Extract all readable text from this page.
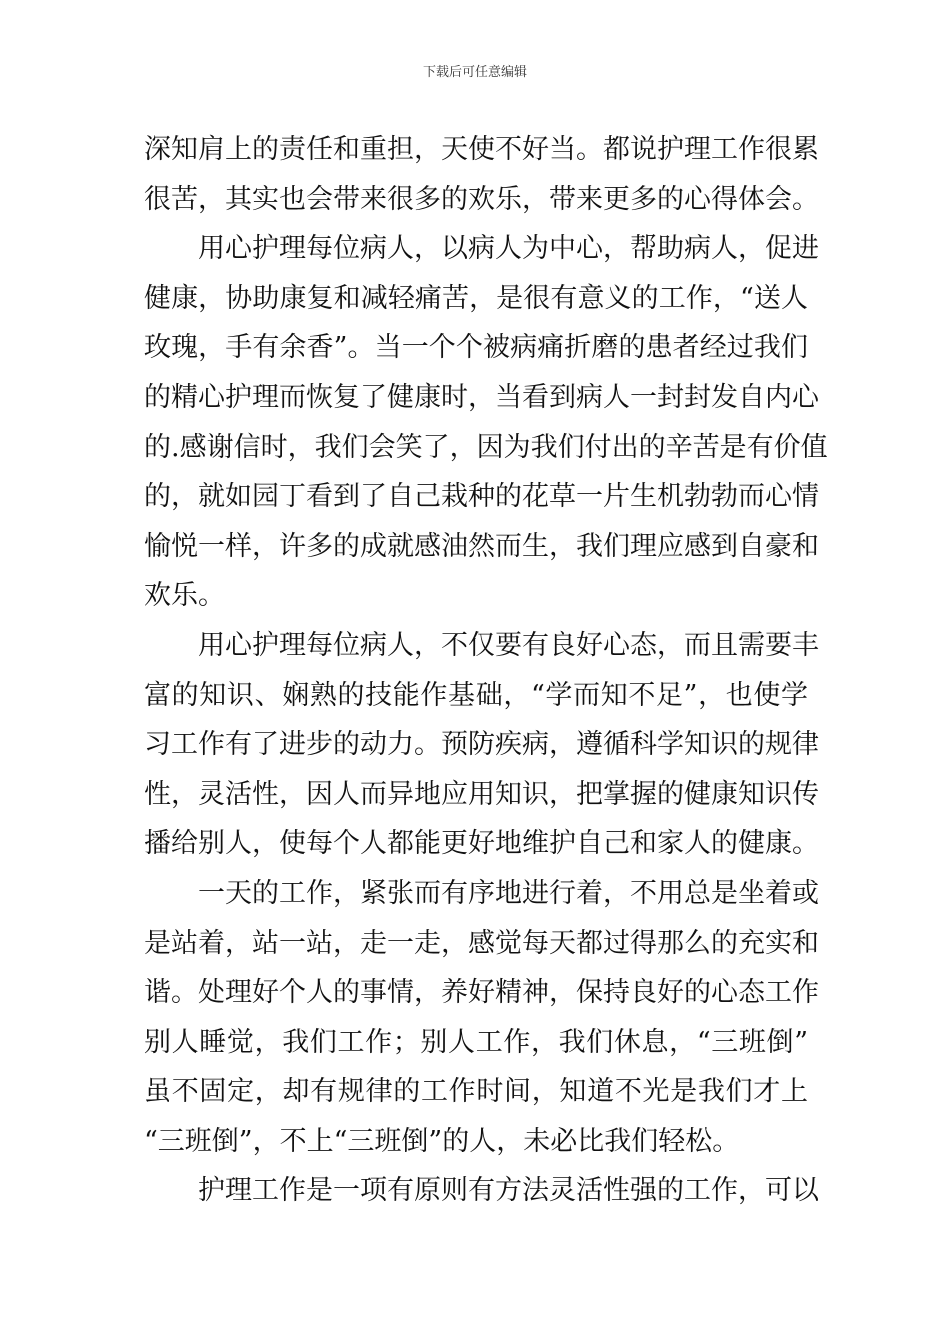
下载后可任意编辑

深知肩上的责任和重担，天使不好当。都说护理工作很累
很苦，其实也会带来很多的欢乐，带来更多的心得体会。

用心护理每位病人，以病人为中心，帮助病人，促进
健康，协助康复和减轻痛苦，是很有意义的工作，“送人
玫瑰，手有余香”。当一个个被病痛折磨的患者经过我们
的精心护理而恢复了健康时，当看到病人一封封发自内心
的.感谢信时，我们会笑了，因为我们付出的辛苦是有价值
的，就如园丁看到了自己栽种的花草一片生机勃勃而心情
愉悦一样，许多的成就感油然而生，我们理应感到自豪和
欢乐。

用心护理每位病人，不仅要有良好心态，而且需要丰
富的知识、娴熟的技能作基础，“学而知不足”，也使学
习工作有了进步的动力。预防疾病，遵循科学知识的规律
性，灵活性，因人而异地应用知识，把掌握的健康知识传
播给别人，使每个人都能更好地维护自己和家人的健康。

一天的工作，紧张而有序地进行着，不用总是坐着或
是站着，站一站，走一走，感觉每天都过得那么的充实和
谐。处理好个人的事情，养好精神，保持良好的心态工作
别人睡觉，我们工作；别人工作，我们休息，“三班倒”
虽不固定，却有规律的工作时间，知道不光是我们才上
“三班倒”，不上“三班倒”的人，未必比我们轻松。

护理工作是一项有原则有方法灵活性强的工作，可以
